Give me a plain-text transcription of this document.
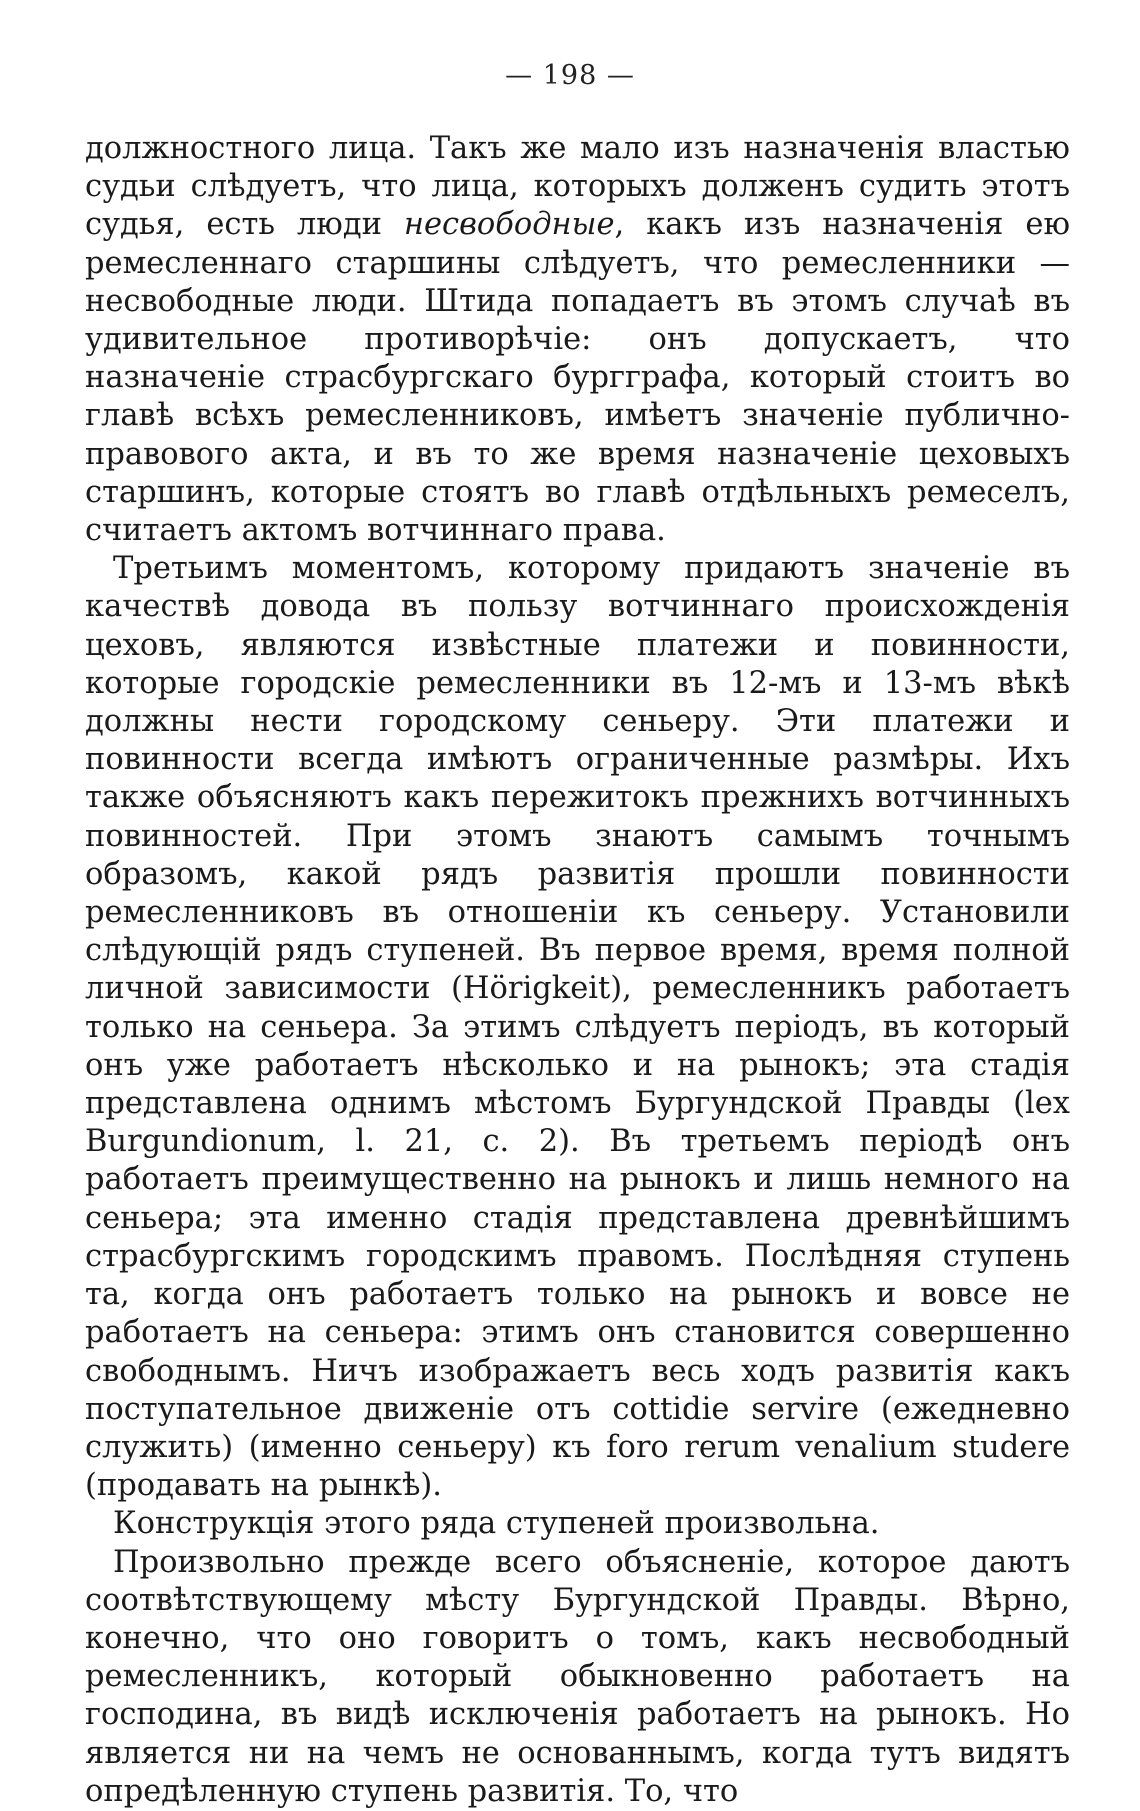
— 198 —

должностного лица. Такъ же мало изъ назначенія властью судьи слѣдуетъ, что лица, которыхъ долженъ судить этотъ судья, есть люди несвободные, какъ изъ назначенія ею ремесленнаго старшины слѣдуетъ, что ремесленники — несвободные люди. Штида попадаетъ въ этомъ случаѣ въ удивительное противорѣчіе: онъ допускаетъ, что назначеніе страсбургскаго бургграфа, который стоитъ во главѣ всѣхъ ремесленниковъ, имѣетъ значеніе публично-правового акта, и въ то же время назначеніе цеховыхъ старшинъ, которые стоятъ во главѣ отдѣльныхъ ремеселъ, считаетъ актомъ вотчиннаго права.

Третьимъ моментомъ, которому придаютъ значеніе въ качествѣ довода въ пользу вотчиннаго происхожденія цеховъ, являются извѣстные платежи и повинности, которые городскіе ремесленники въ 12-мъ и 13-мъ вѣкѣ должны нести городскому сеньеру. Эти платежи и повинности всегда имѣютъ ограниченные размѣры. Ихъ также объясняютъ какъ пережитокъ прежнихъ вотчинныхъ повинностей. При этомъ знаютъ самымъ точнымъ образомъ, какой рядъ развитія прошли повинности ремесленниковъ въ отношеніи къ сеньеру. Установили слѣдующій рядъ ступеней. Въ первое время, время полной личной зависимости (Hörigkeit), ремесленникъ работаетъ только на сеньера. За этимъ слѣдуетъ періодъ, въ который онъ уже работаетъ нѣсколько и на рынокъ; эта стадія представлена однимъ мѣстомъ Бургундской Правды (lex Burgundionum, l. 21, c. 2). Въ третьемъ періодѣ онъ работаетъ преимущественно на рынокъ и лишь немного на сеньера; эта именно стадія представлена древнѣйшимъ страсбургскимъ городскимъ правомъ. Послѣдняя ступень та, когда онъ работаетъ только на рынокъ и вовсе не работаетъ на сеньера: этимъ онъ становится совершенно свободнымъ. Ничъ изображаетъ весь ходъ развитія какъ поступательное движеніе отъ cottidie servire (ежедневно служить) (именно сеньеру) къ foro rerum venalium studere (продавать на рынкѣ).

Конструкція этого ряда ступеней произвольна.

Произвольно прежде всего объясненіе, которое даютъ соотвѣтствующему мѣсту Бургундской Правды. Вѣрно, конечно, что оно говоритъ о томъ, какъ несвободный ремесленникъ, который обыкновенно работаетъ на господина, въ видѣ исключенія работаетъ на рынокъ. Но является ни на чемъ не основаннымъ, когда тутъ видятъ опредѣленную ступень развитія. То, что
